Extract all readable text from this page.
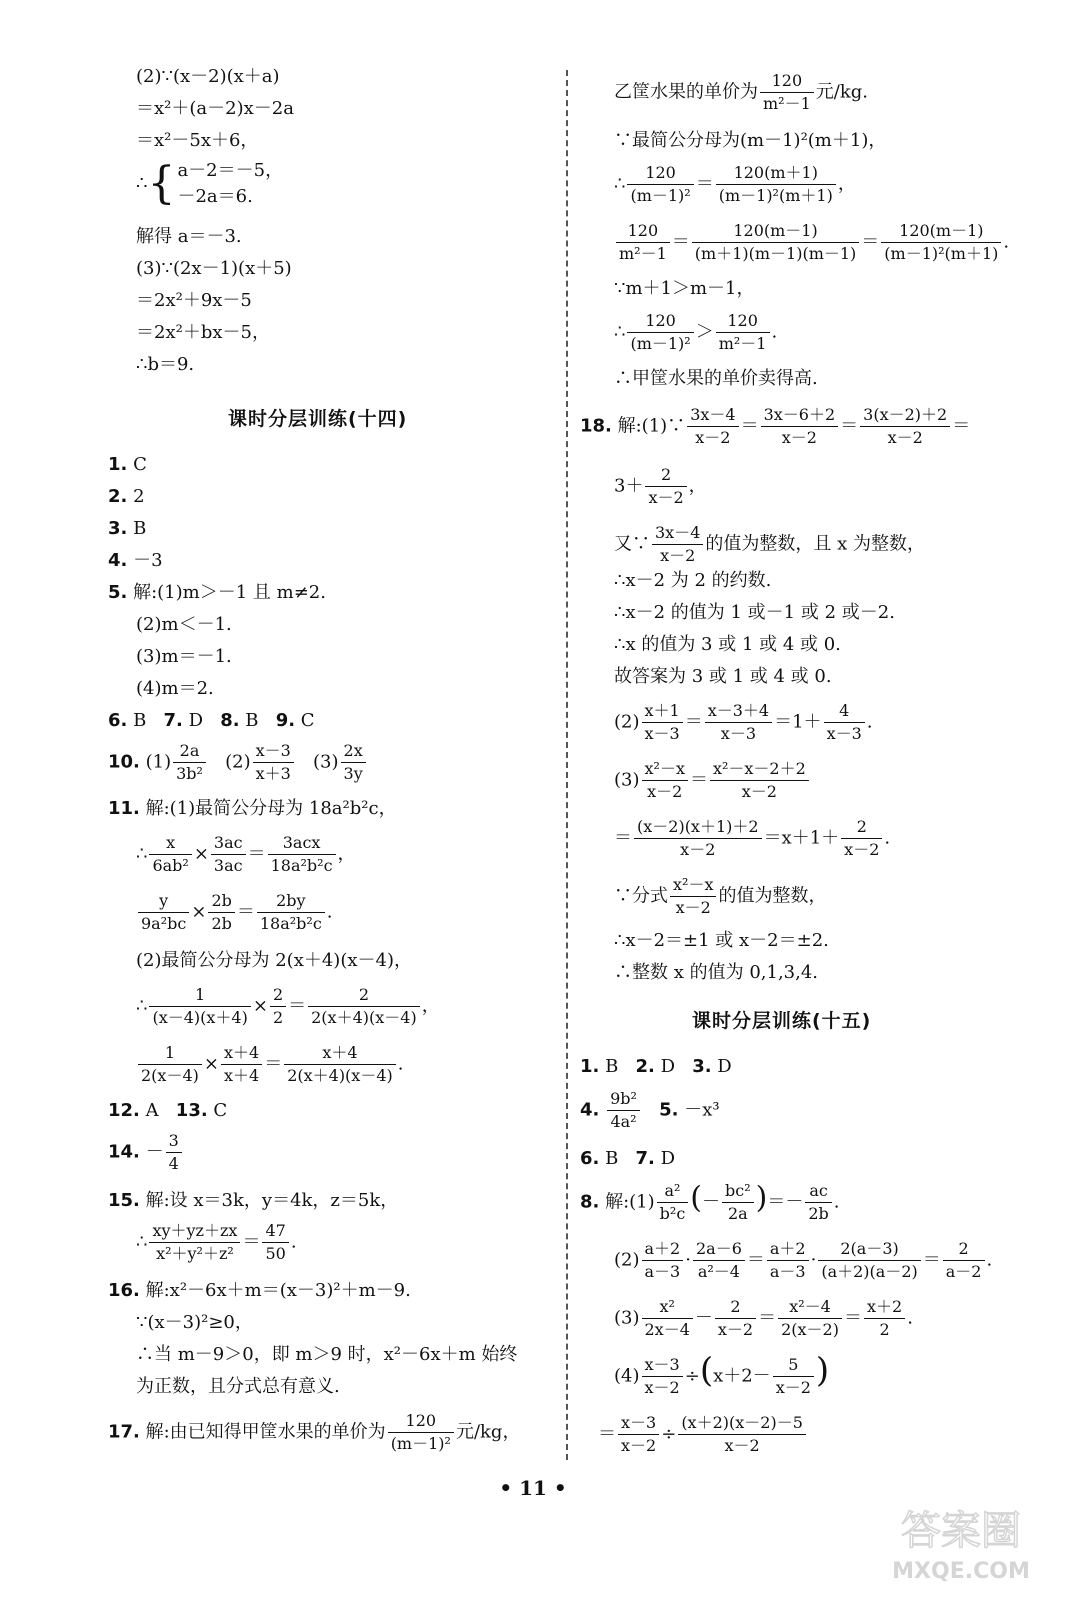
(2)∵(x－2)(x＋a)
＝x²＋(a－2)x－2a
＝x²－5x＋6，
∴{ a－2＝－5，
－2a＝6.
解得 a＝－3.
(3)∵(2x－1)(x＋5)
＝2x²＋9x－5
＝2x²＋bx－5，
∴b＝9.
课时分层训练(十四)
1. C
2. 2
3. B
4. －3
5. 解:(1)m＞－1 且 m≠2.
(2)m＜－1.
(3)m＝－1.
(4)m＝2.
6. B 7. D 8. B 9. C
10. $(1) \frac{2a}{\text{3b²}} (2) \frac{x-3}{x+3} (3) \frac{2x}{3y}$
11. 解:(1)最简公分母为 18a²b²c，
∴ $\frac{x}{\text{6ab²}} \times \frac{3ac}{3ac} = \frac{\text{3acx}}{\text{18a²b²c}}$ ，
$\frac{y}{\text{9a²bc}} \times \frac{2b}{2b} = \frac{2by}{\text{18a²b²c}}$ .
(2)最简公分母为 2(x＋4)(x－4)，
∴ $\frac{1}{(x-4)(x+4)} \times \frac{2}{2} = \frac{2}{2(x+4)(x-4)}$ ，
$\frac{1}{2(x-4)} \times \frac{x+4}{x+4} = \frac{x+4}{2(x+4)(x-4)}$ .
12. A 13. C
14. － $\frac{3}{4}$
15. 解:设 x＝3k，y＝4k，z＝5k，
∴ $\frac{xy+yz+zx}{\text{x²＋y²＋z²}} = \frac{47}{50}$ .
16. 解:x²－6x＋m＝(x－3)²＋m－9.
∵(x－3)²≥0，
∴当 m－9＞0，即 m＞9 时，x²－6x＋m 始终
为正数，且分式总有意义.
17. 解:由已知得甲筐水果的单价为 $\frac{120}{\text{(m－1)²}}$ 元/kg，
乙筐水果的单价为 $\frac{120}{\text{m²－1}}$ 元/kg.
∵最简公分母为(m－1)²(m＋1)，
∴ $\frac{120}{\text{(m－1)²}} = \frac{120(m+1)}{\text{(m－1)²(m＋1)}}$ ，
$\frac{120}{\text{m²－1}} = \frac{120(m-1)}{(m+1)(m-1)(m-1)} = \frac{120(m-1)}{\text{(m－1)²(m＋1)}}$ .
∵m＋1＞m－1，
∴ $\frac{120}{\text{(m－1)²}} > \frac{120}{\text{m²－1}}$ .
∴甲筐水果的单价卖得高.
18. 解:(1)∵ $\frac{3x-4}{x-2} = \frac{3x-6+2}{x-2} = \frac{3(x-2)+2}{x-2}$ ＝
$3+ \frac{2}{x-2}$ ，
又∵ $\frac{3x-4}{x-2}$ 的值为整数，且 x 为整数，
∴x－2 为 2 的约数.
∴x－2 的值为 1 或－1 或 2 或－2.
∴x 的值为 3 或 1 或 4 或 0.
故答案为 3 或 1 或 4 或 0.
$(2) \frac{x+1}{x-3} = \frac{x-3+4}{x-3} =1+ \frac{4}{x-3}$ .
$(3) \frac{\text{x²－x}}{x-2} = \frac{\text{x²－x－2＋2}}{x-2}$
＝ $\frac{(x-2)(x+1)+2}{x-2} =x+1+ \frac{2}{x-2}$ .
∵分式 $\frac{\text{x²－x}}{x-2}$ 的值为整数，
∴x－2＝±1 或 x－2＝±2.
∴整数 x 的值为 0,1,3,4.
课时分层训练(十五)
1. B 2. D 3. D
4. $\frac{\text{9b²}}{\text{4a²}} 5$. －x³
6. B 7. D
8. 解:(1) $\frac{\text{a²}}{\text{b²c}}$ (－ $\frac{\text{bc²}}{2a}$ )＝－ $\frac{ac}{2b}$ .
$(2) \frac{a+2}{a-3} \cdot \frac{2a-6}{\text{a²－4}} = \frac{a+2}{a-3} \cdot \frac{2(a-3)}{(a+2)(a-2)} = \frac{2}{a-2}$ .
$(3) \frac{\text{x²}}{2x-4} - \frac{2}{x-2} = \frac{\text{x²－4}}{2(x-2)} = \frac{x+2}{2}$ .
$(4) \frac{x-3}{x-2} \div(x+2- \frac{5}{x-2}$ )
＝ $\frac{x-3}{x-2} \div \frac{(x+2)(x-2)-5}{x-2}$
• 11 •
答案圈
MXQE.COM
